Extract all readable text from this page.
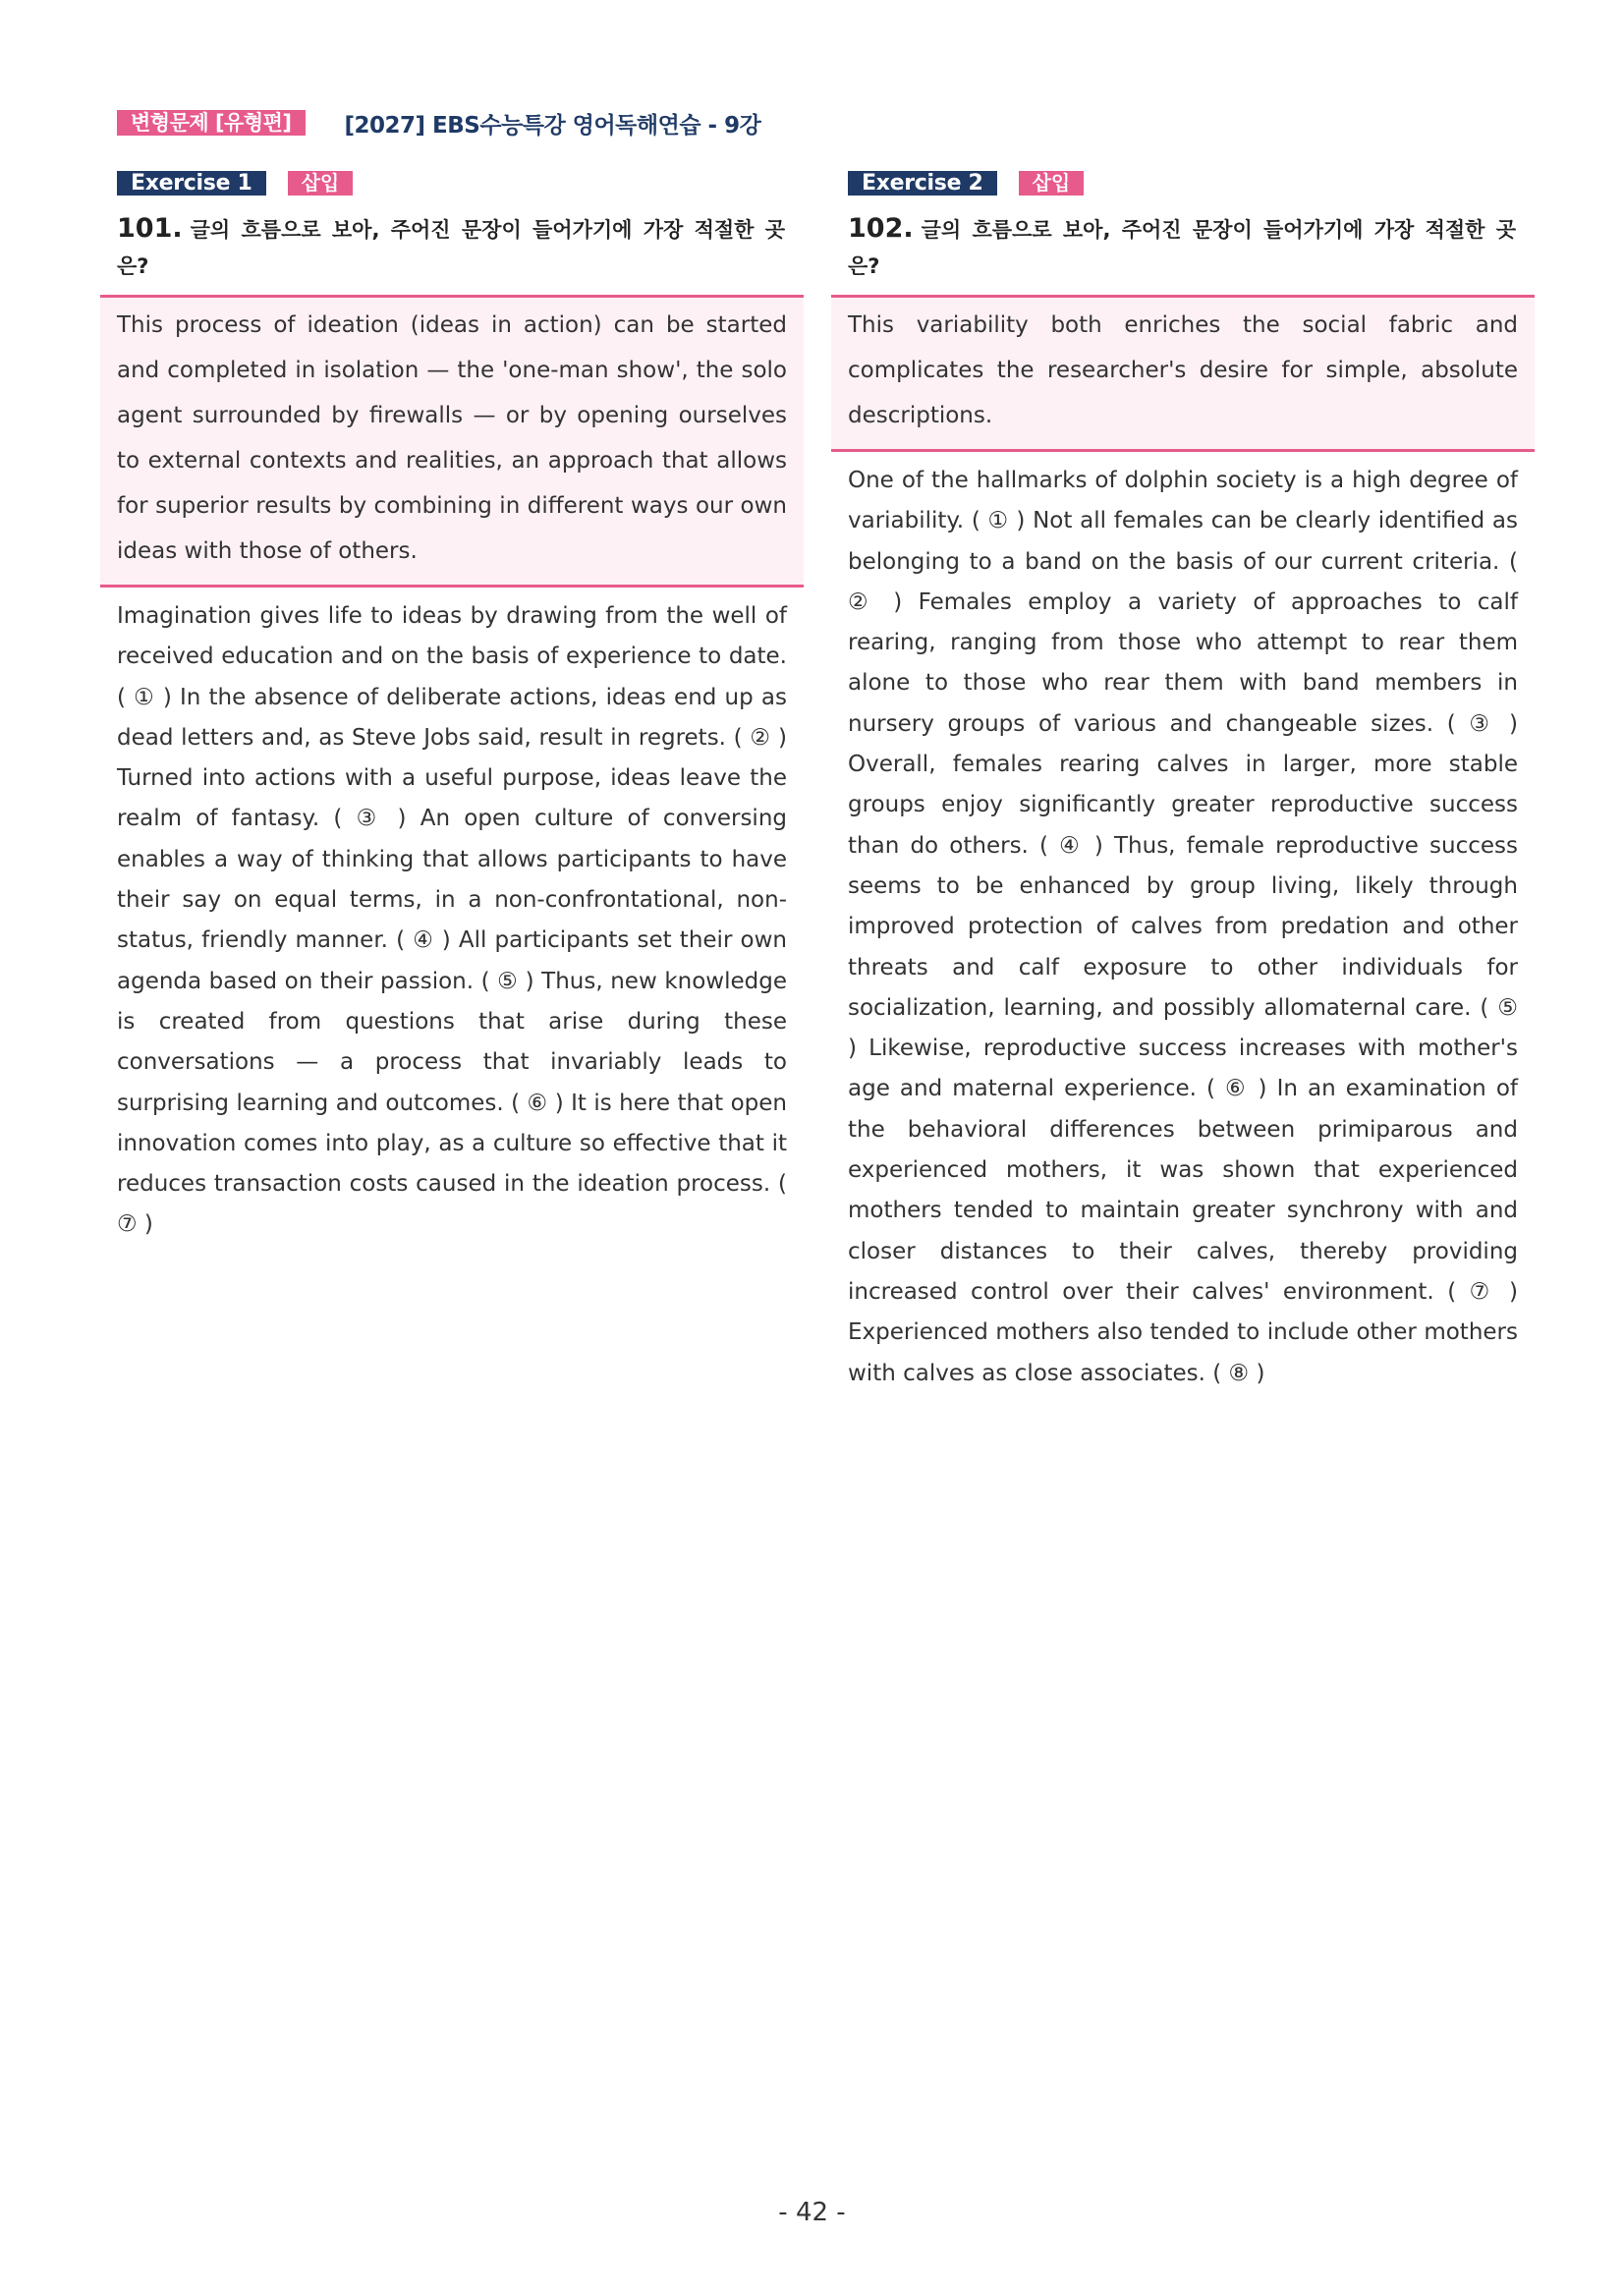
변형문제 [유형편]	[2027] EBS수능특강 영어독해연습 - 9강
Exercise 1	삽입
101. 글의 흐름으로 보아, 주어진 문장이 들어가기에 가장 적절한 곳은?
This process of ideation (ideas in action) can be started and completed in isolation — the 'one-man show', the solo agent surrounded by firewalls — or by opening ourselves to external contexts and realities, an approach that allows for superior results by combining in different ways our own ideas with those of others.
Imagination gives life to ideas by drawing from the well of received education and on the basis of experience to date. ( ① ) In the absence of deliberate actions, ideas end up as dead letters and, as Steve Jobs said, result in regrets. ( ② ) Turned into actions with a useful purpose, ideas leave the realm of fantasy. ( ③ ) An open culture of conversing enables a way of thinking that allows participants to have their say on equal terms, in a non-confrontational, non-status, friendly manner. ( ④ ) All participants set their own agenda based on their passion. ( ⑤ ) Thus, new knowledge is created from questions that arise during these conversations — a process that invariably leads to surprising learning and outcomes. ( ⑥ ) It is here that open innovation comes into play, as a culture so effective that it reduces transaction costs caused in the ideation process. ( ⑦ )
Exercise 2	삽입
102. 글의 흐름으로 보아, 주어진 문장이 들어가기에 가장 적절한 곳은?
This variability both enriches the social fabric and complicates the researcher's desire for simple, absolute descriptions.
One of the hallmarks of dolphin society is a high degree of variability. ( ① ) Not all females can be clearly identified as belonging to a band on the basis of our current criteria. ( ② ) Females employ a variety of approaches to calf rearing, ranging from those who attempt to rear them alone to those who rear them with band members in nursery groups of various and changeable sizes. ( ③ ) Overall, females rearing calves in larger, more stable groups enjoy significantly greater reproductive success than do others. ( ④ ) Thus, female reproductive success seems to be enhanced by group living, likely through improved protection of calves from predation and other threats and calf exposure to other individuals for socialization, learning, and possibly allomaternal care. ( ⑤ ) Likewise, reproductive success increases with mother's age and maternal experience. ( ⑥ ) In an examination of the behavioral differences between primiparous and experienced mothers, it was shown that experienced mothers tended to maintain greater synchrony with and closer distances to their calves, thereby providing increased control over their calves' environment. ( ⑦ ) Experienced mothers also tended to include other mothers with calves as close associates. ( ⑧ )
- 42 -
